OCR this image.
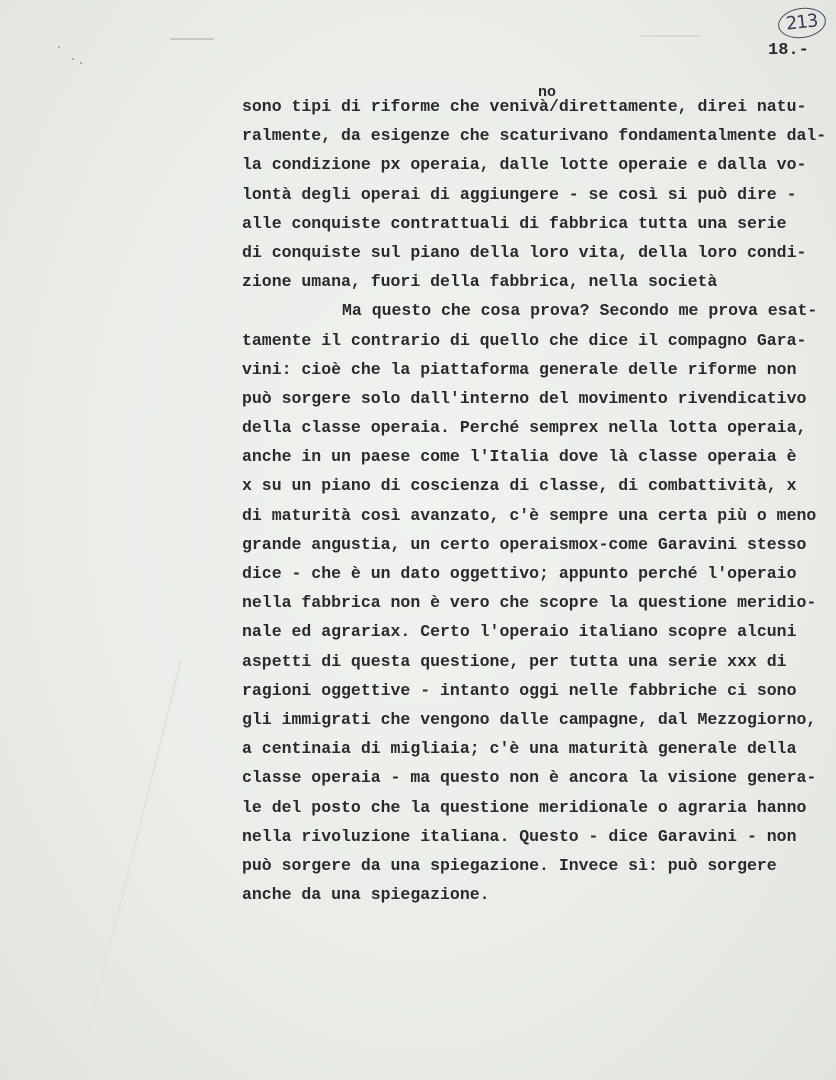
213
18.-
no
sono tipi di riforme che venivà/direttamente, direi natu-
ralmente, da esigenze che scaturivano fondamentalmente dal-
la condizione px operaia, dalle lotte operaie e dalla vo-
lontà degli operai di aggiungere - se così si può dire -
alle conquiste contrattuali di fabbrica tutta una serie
di conquiste sul piano della loro vita, della loro condi-
zione umana, fuori della fabbrica, nella società
Ma questo che cosa prova? Secondo me prova esat-
tamente il contrario di quello che dice il compagno Gara-
vini: cioè che la piattaforma generale delle riforme non
può sorgere solo dall'interno del movimento rivendicativo
della classe operaia. Perché semprex nella lotta operaia,
anche in un paese come l'Italia dove là classe operaia è
x su un piano di coscienza di classe, di combattività, x
di maturità così avanzato, c'è sempre una certa più o meno
grande angustia, un certo operaismox-come Garavini stesso
dice - che è un dato oggettivo; appunto perché l'operaio
nella fabbrica non è vero che scopre la questione meridio-
nale ed agrariax. Certo l'operaio italiano scopre alcuni
aspetti di questa questione, per tutta una serie xxx di
ragioni oggettive - intanto oggi nelle fabbriche ci sono
gli immigrati che vengono dalle campagne, dal Mezzogiorno,
a centinaia di migliaia; c'è una maturità generale della
classe operaia - ma questo non è ancora la visione genera-
le del posto che la questione meridionale o agraria hanno
nella rivoluzione italiana. Questo - dice Garavini - non
può sorgere da una spiegazione. Invece sì: può sorgere
anche da una spiegazione.
